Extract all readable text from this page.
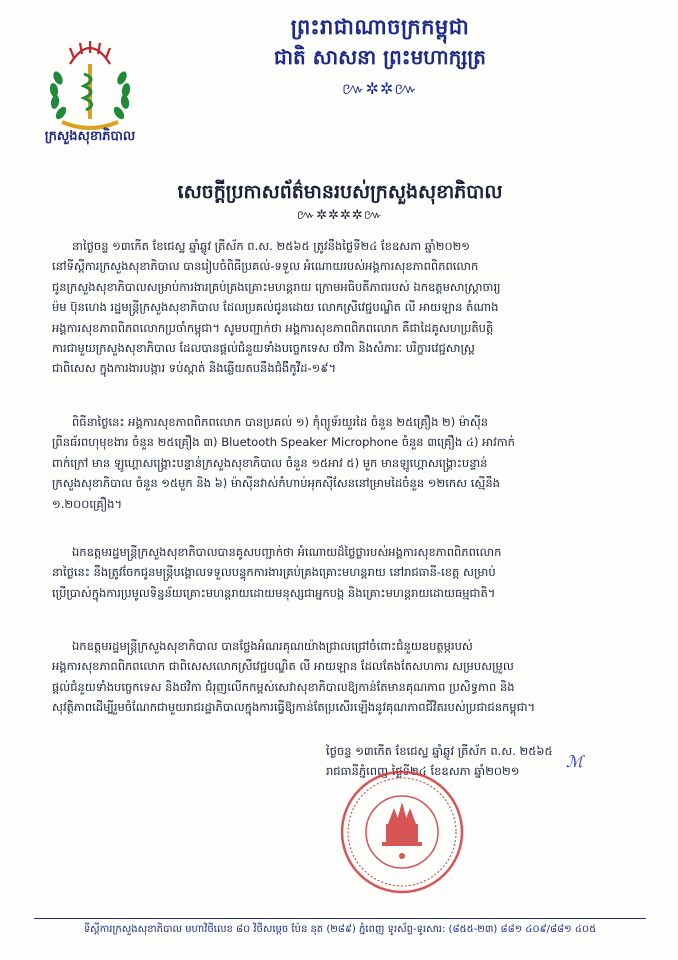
ក្រសួងសុខាភិបាល
ព្រះរាជាណាចក្រកម្ពុជា
ជាតិ សាសនា ព្រះមហាក្សត្រ
៚✲✲៚
សេចក្តីប្រកាសព័ត៌មានរបស់ក្រសួងសុខាភិបាល
៚✲✲✲✲៚
នាថ្ងៃចន្ទ ១៣កើត ខែជេស្ឋ ឆ្នាំឆ្លូវ ត្រីស័ក ព.ស. ២៥៦៥ ត្រូវនឹងថ្ងៃទី២៤ ខែឧសភា ឆ្នាំ២០២១
នៅទីស្តីការក្រសួងសុខាភិបាល បានរៀបចំពិធីប្រគល់-ទទួល អំណោយរបស់អង្គការសុខភាពពិភពលោក
ជូនក្រសួងសុខាភិបាលសម្រាប់ការងារគ្រប់គ្រងគ្រោះមហន្តរាយ ក្រោមអធិបតីភាពរបស់ ឯកឧត្តមសាស្ត្រាចារ្យ
ម៉ម ប៊ុនហេង រដ្ឋមន្ត្រីក្រសួងសុខាភិបាល ដែលប្រគល់ជូនដោយ លោកស្រីវេជ្ជបណ្ឌិត លី អាយឡាន តំណាង
អង្គការសុខភាពពិភពលោកប្រចាំកម្ពុជា។ សូមបញ្ជាក់ថា អង្គការសុខភាពពិភពលោក គឺជាដៃគូសហប្រតិបត្តិ
ការជាមួយក្រសួងសុខាភិបាល ដែលបានផ្តល់ជំនួយទាំងបច្ចេកទេស ថវិកា និងសំភារៈ បរិក្ខារវេជ្ជសាស្ត្រ
ជាពិសេស ក្នុងការងារបង្ការ ទប់ស្កាត់ និងឆ្លើយតបនឹងជំងឺកូវីដ-១៩។
ពិធីនាថ្ងៃនេះ អង្គការសុខភាពពិភពលោក បានប្រគល់ ១) កុំព្យូទ័រយួរដៃ ចំនួន ២៥គ្រឿង ២) ម៉ាស៊ីន
ព្រីនធ័រពហុមុខងារ ចំនួន ២៥គ្រឿង ៣) Bluetooth Speaker Microphone ចំនួន ៣គ្រឿង ៤) អាវកាក់
ពាក់ក្រៅ មាន ឡូហ្គោសង្គ្រោះបន្ទាន់ក្រសួងសុខាភិបាល ចំនួន ១៥អាវ ៥) មួក មានឡូហ្គោសង្គ្រោះបន្ទាន់
ក្រសួងសុខាភិបាល ចំនួន ១៥មួក និង ៦) ម៉ាស៊ីនវាស់កំហាប់អុកស៊ីសែននៅម្រាមដៃចំនួន ១២កេស ស្មើនឹង
១.២០០គ្រឿង។
ឯកឧត្តមរដ្ឋមន្ត្រីក្រសួងសុខាភិបាលបានគូសបញ្ជាក់ថា អំណោយដ៏ថ្លៃថ្លារបស់អង្គការសុខភាពពិភពលោក
នាថ្ងៃនេះ នឹងត្រូវចែកជូនមន្ត្រីបង្គោលទទួលបន្ទុកការងារគ្រប់គ្រងគ្រោះមហន្តរាយ នៅរាជធានី-ខេត្ត សម្រាប់
ប្រើប្រាស់ក្នុងការប្រមូលទិន្នន័យគ្រោះមហន្តរាយដោយមនុស្សជាអ្នកបង្ក និងគ្រោះមហន្តរាយដោយធម្មជាតិ។
ឯកឧត្តមរដ្ឋមន្ត្រីក្រសួងសុខាភិបាល បានថ្លែងអំណរគុណយ៉ាងជ្រាលជ្រៅចំពោះជំនួយឧបត្ថម្ភរបស់
អង្គការសុខភាពពិភពលោក ជាពិសេសលោកស្រីវេជ្ជបណ្ឌិត លី អាយឡាន ដែលតែងតែសហការ សម្របសម្រួល
ផ្តល់ជំនួយទាំងបច្ចេកទេស និងថវិកា ជំរុញលើកកម្ពស់សេវាសុខាភិបាលឱ្យកាន់តែមានគុណភាព ប្រសិទ្ធភាព និង
សុវត្ថិភាពដើម្បីរួមចំណែកជាមួយរាជរដ្ឋាភិបាលក្នុងការធ្វើឱ្យកាន់តែប្រសើរឡើងនូវគុណភាពជីវិតរបស់ប្រជាជនកម្ពុជា។
ថ្ងៃចន្ទ ១៣កើត ខែជេស្ឋ ឆ្នាំឆ្លូវ ត្រីស័ក ព.ស. ២៥៦៥
រាជធានីភ្នំពេញ ថ្ងៃទី២៤ ខែឧសភា ឆ្នាំ២០២១	ℳ
ទីស្តីការក្រសួងសុខាភិបាល មហាវិថីលេខ ៨០ វិថីសម្តេច ប៉ែន នុត (២៨៩) ភ្នំពេញ ទូរស័ព្ទ-ទូរសារ: (៨៥៥-២៣) ៨៨១ ៤០៩/៨៨១ ៤០៥
